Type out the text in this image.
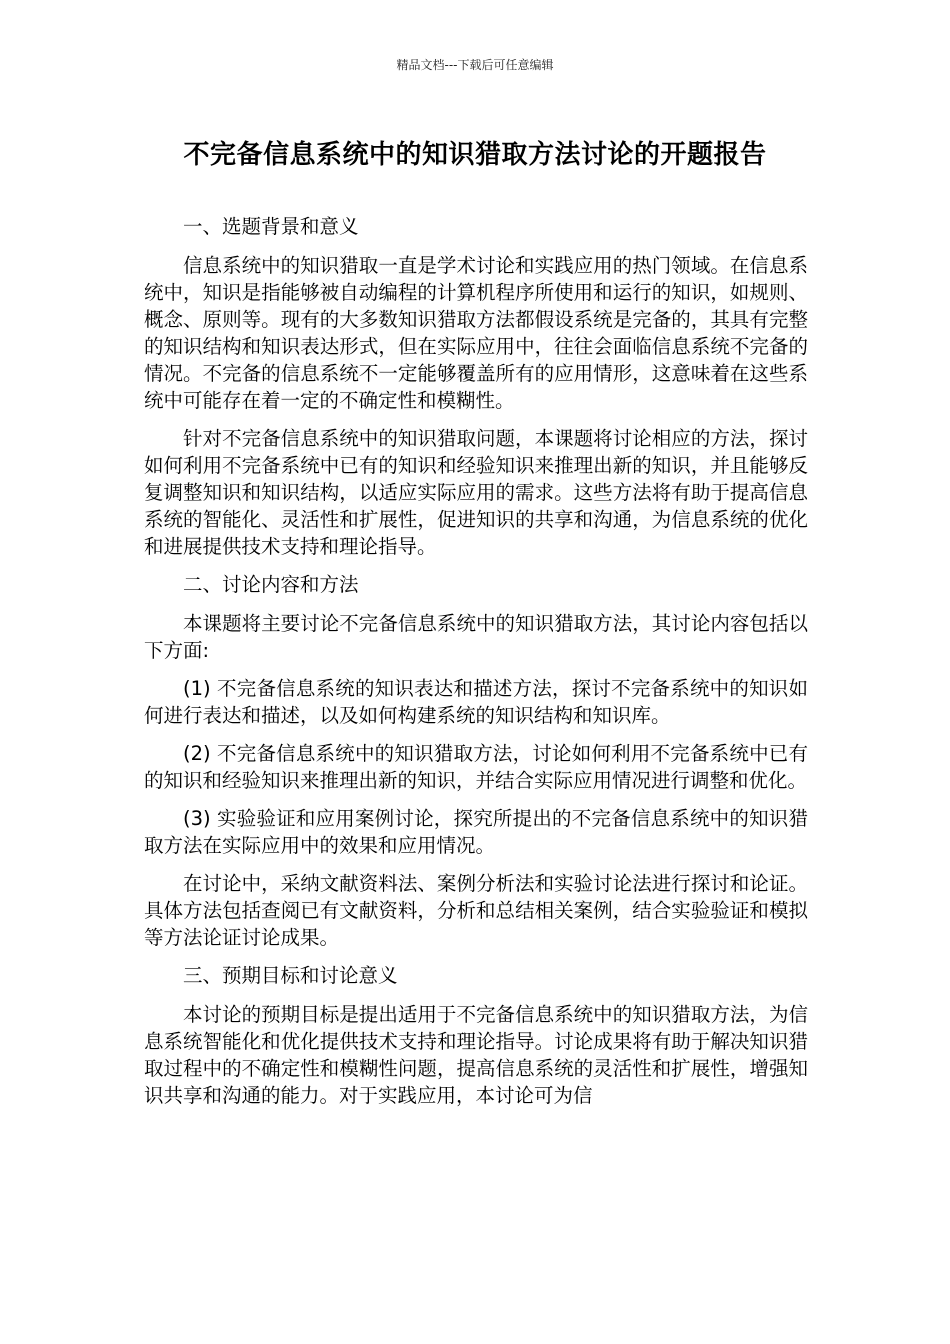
精品文档---下载后可任意编辑
不完备信息系统中的知识猎取方法讨论的开题报告

一、选题背景和意义

信息系统中的知识猎取一直是学术讨论和实践应用的热门领域。在信息系统中，知识是指能够被自动编程的计算机程序所使用和运行的知识，如规则、概念、原则等。现有的大多数知识猎取方法都假设系统是完备的，其具有完整的知识结构和知识表达形式，但在实际应用中，往往会面临信息系统不完备的情况。不完备的信息系统不一定能够覆盖所有的应用情形，这意味着在这些系统中可能存在着一定的不确定性和模糊性。

针对不完备信息系统中的知识猎取问题，本课题将讨论相应的方法，探讨如何利用不完备系统中已有的知识和经验知识来推理出新的知识，并且能够反复调整知识和知识结构，以适应实际应用的需求。这些方法将有助于提高信息系统的智能化、灵活性和扩展性，促进知识的共享和沟通，为信息系统的优化和进展提供技术支持和理论指导。

二、讨论内容和方法

本课题将主要讨论不完备信息系统中的知识猎取方法，其讨论内容包括以下方面:

(1) 不完备信息系统的知识表达和描述方法，探讨不完备系统中的知识如何进行表达和描述，以及如何构建系统的知识结构和知识库。

(2) 不完备信息系统中的知识猎取方法，讨论如何利用不完备系统中已有的知识和经验知识来推理出新的知识，并结合实际应用情况进行调整和优化。

(3) 实验验证和应用案例讨论，探究所提出的不完备信息系统中的知识猎取方法在实际应用中的效果和应用情况。

在讨论中，采纳文献资料法、案例分析法和实验讨论法进行探讨和论证。具体方法包括查阅已有文献资料，分析和总结相关案例，结合实验验证和模拟等方法论证讨论成果。

三、预期目标和讨论意义

本讨论的预期目标是提出适用于不完备信息系统中的知识猎取方法，为信息系统智能化和优化提供技术支持和理论指导。讨论成果将有助于解决知识猎取过程中的不确定性和模糊性问题，提高信息系统的灵活性和扩展性，增强知识共享和沟通的能力。对于实践应用，本讨论可为信
